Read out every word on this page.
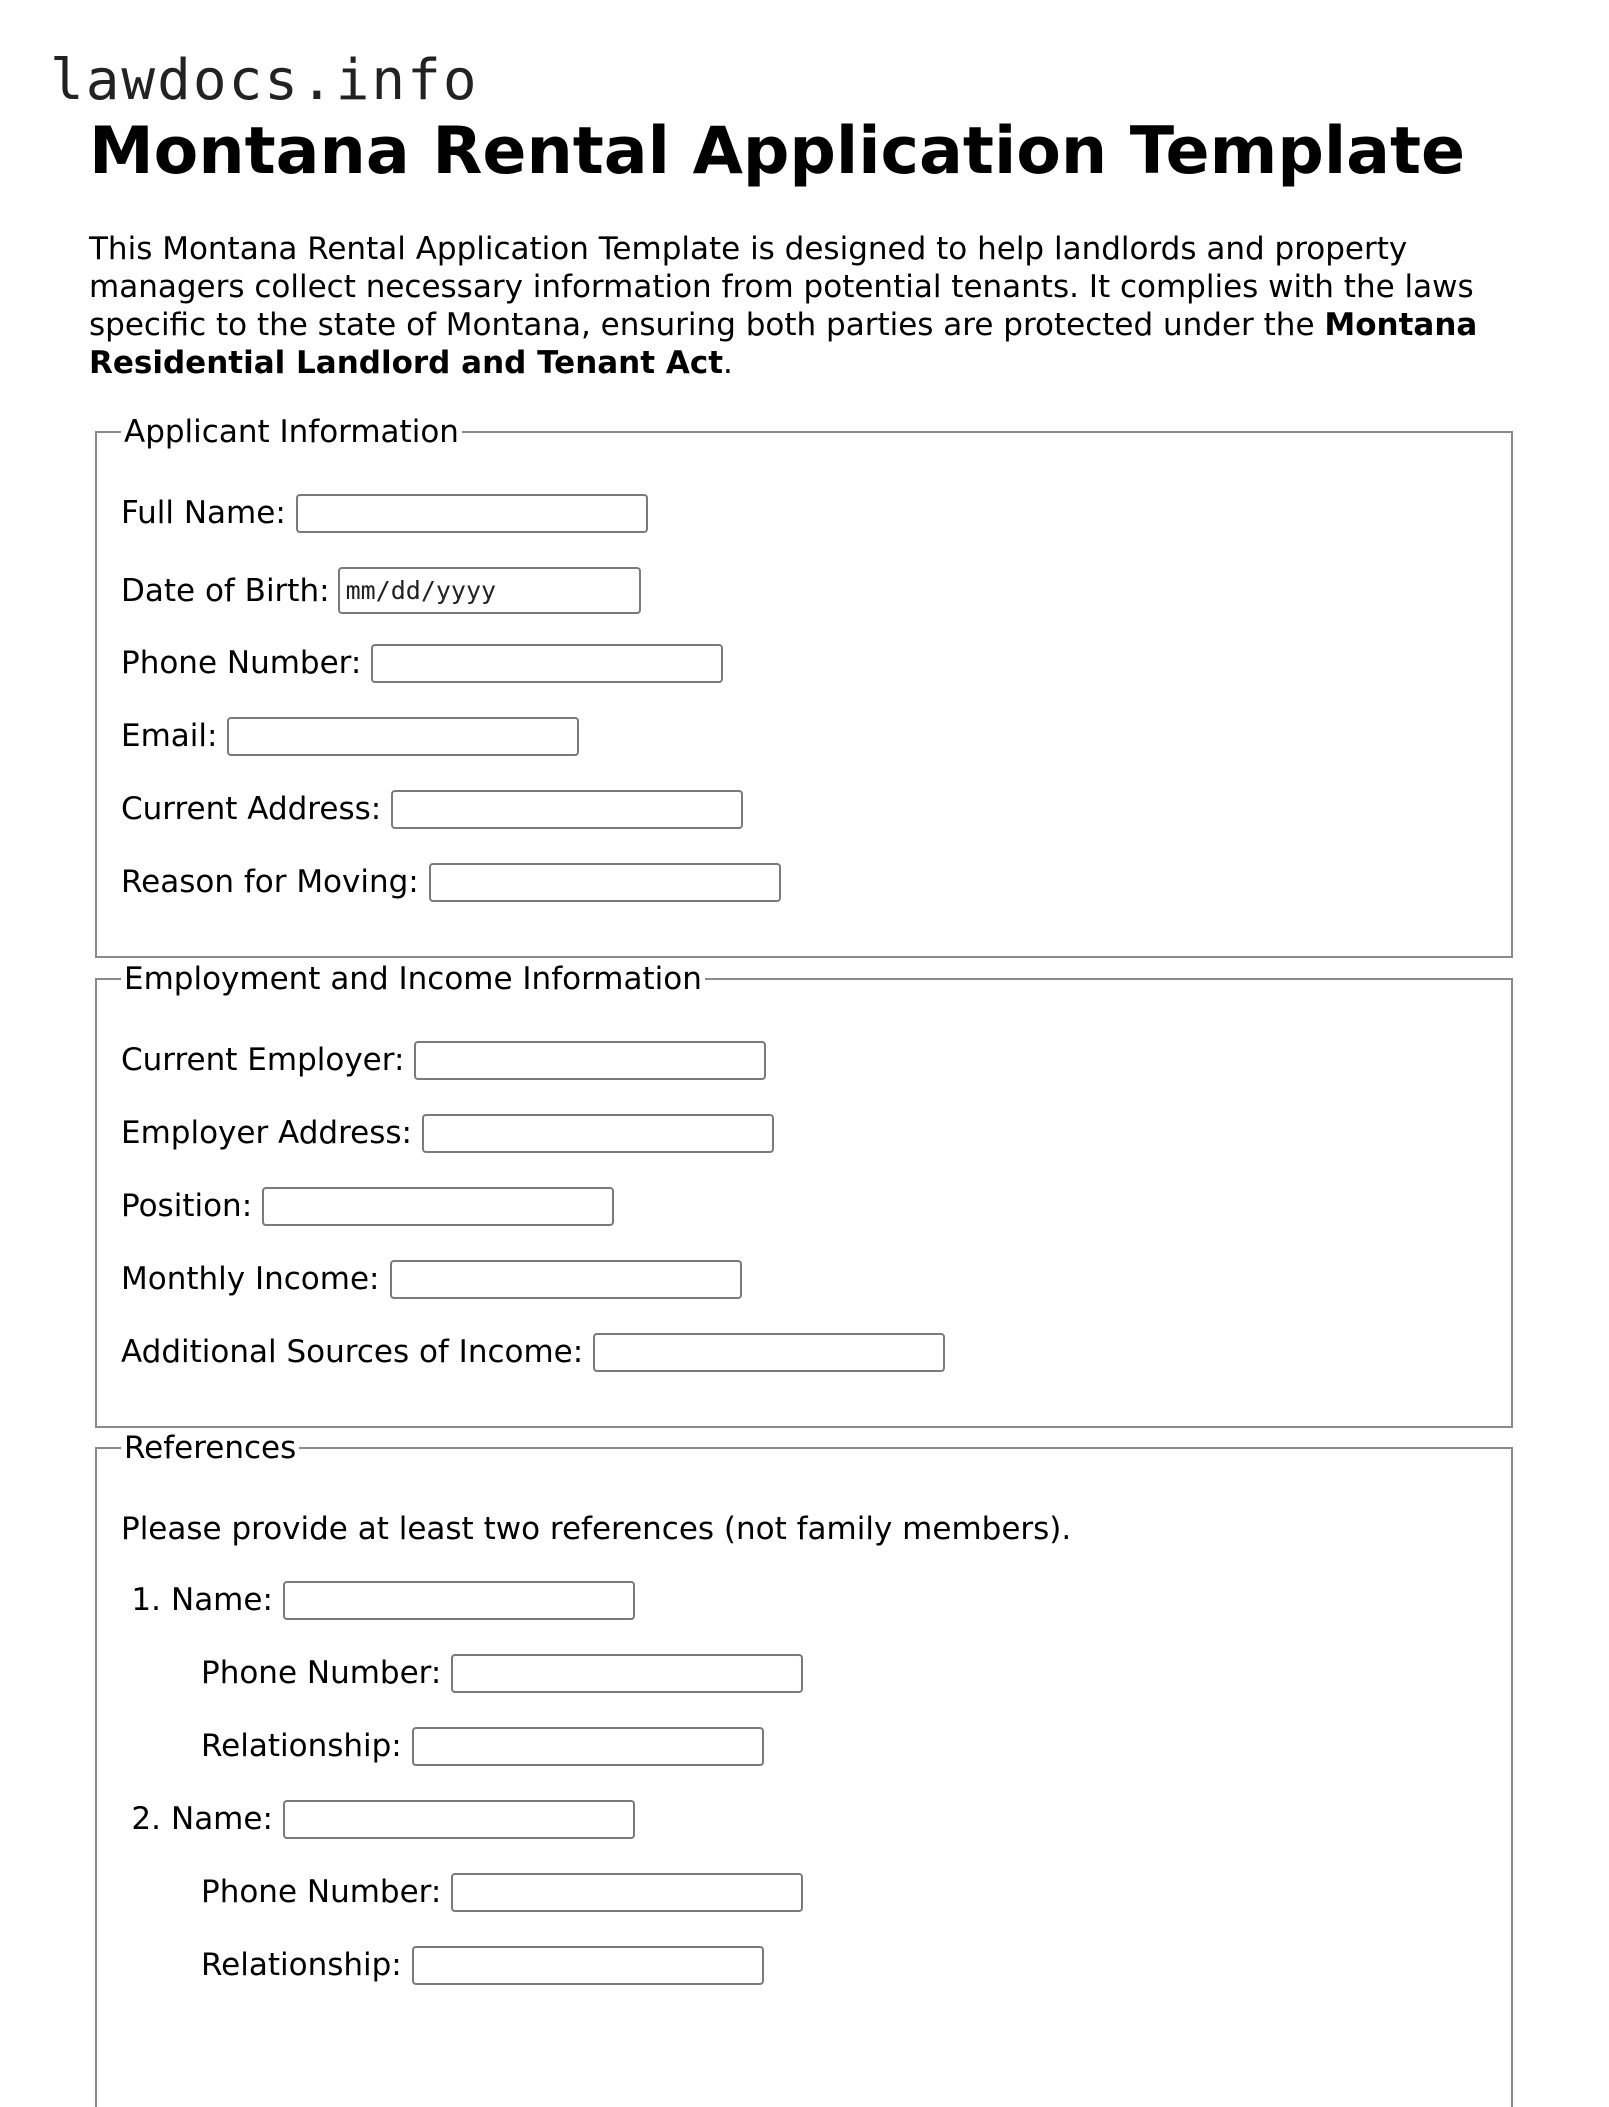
lawdocs.info
Montana Rental Application Template

This Montana Rental Application Template is designed to help landlords and property managers collect necessary information from potential tenants. It complies with the laws specific to the state of Montana, ensuring both parties are protected under the Montana Residential Landlord and Tenant Act.

Applicant Information
Full Name:
Date of Birth:
mm/dd/yyyy
Phone Number:
Email:
Current Address:
Reason for Moving:
Employment and Income Information
Current Employer:
Employer Address:
Position:
Monthly Income:
Additional Sources of Income:
References
Please provide at least two references (not family members).
1. Name:
Phone Number:
Relationship:
2. Name:
Phone Number:
Relationship:
